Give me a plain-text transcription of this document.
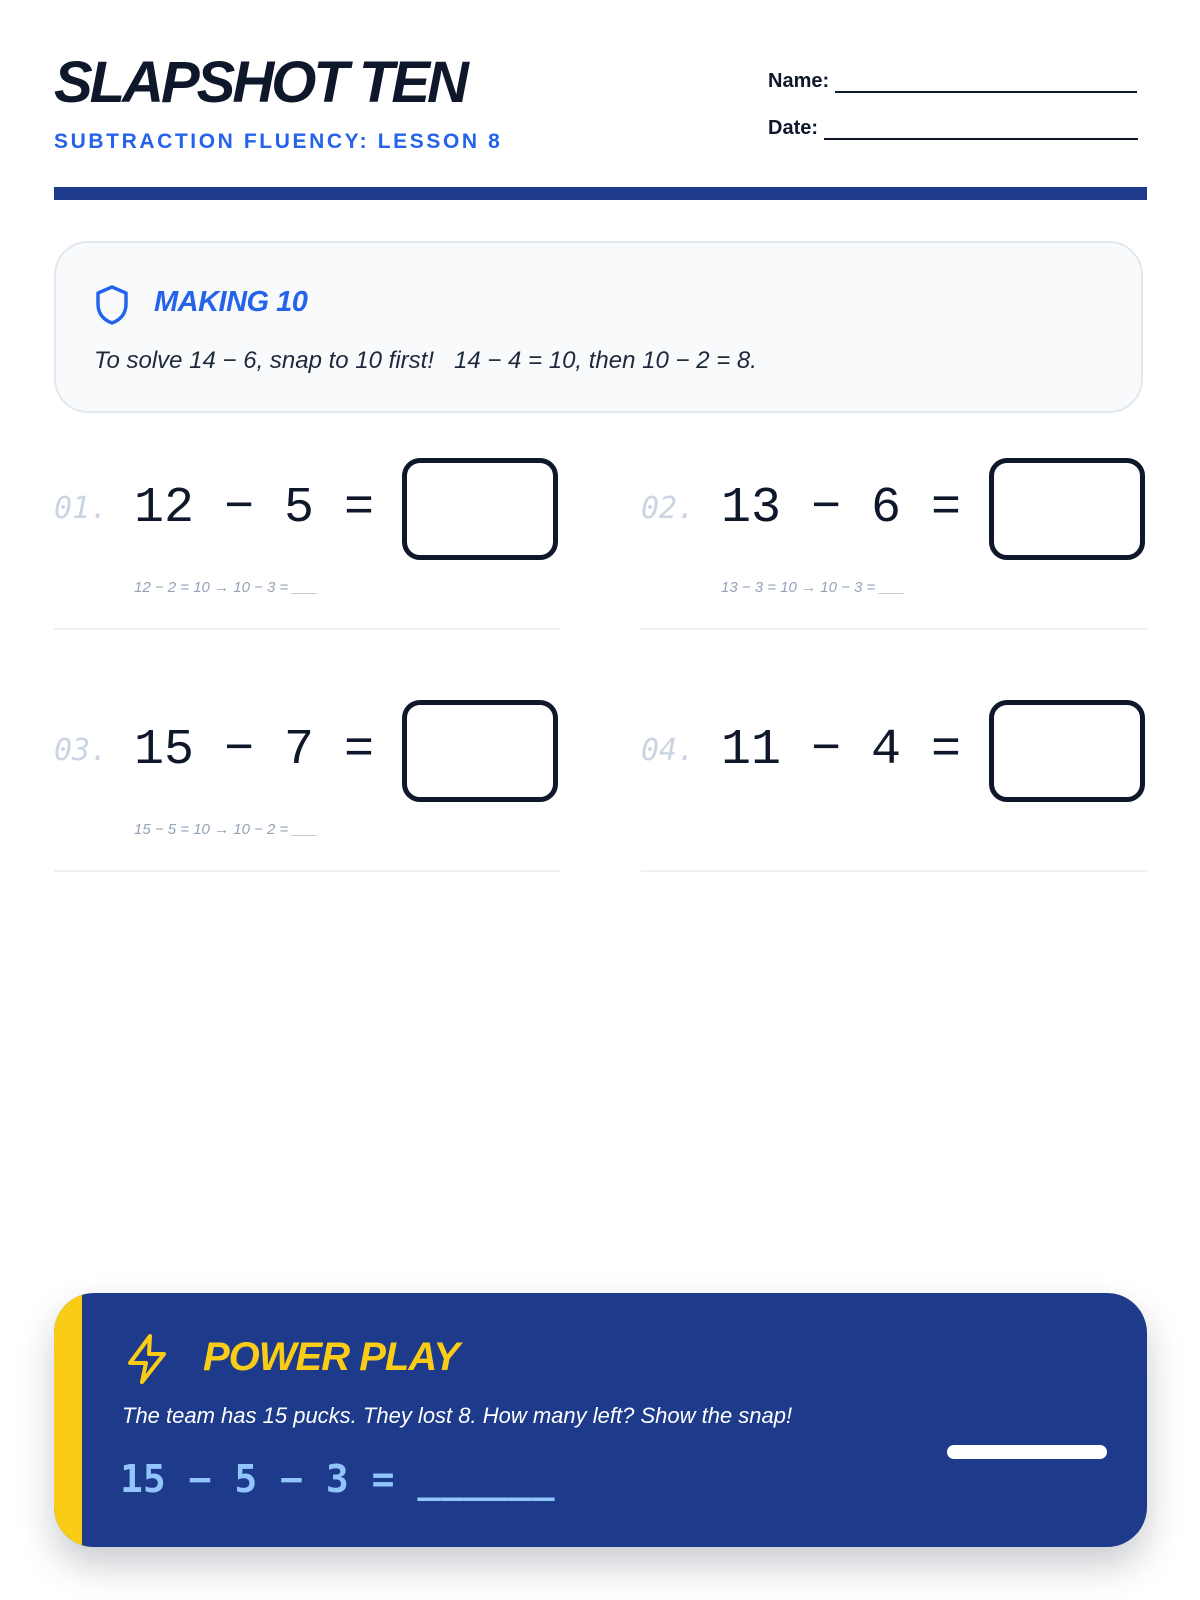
SLAPSHOT TEN
SUBTRACTION FLUENCY: LESSON 8
Name:
Date:
MAKING 10
To solve 14 − 6, snap to 10 first!   14 − 4 = 10, then 10 − 2 = 8.
01. 12 − 5 =
12 − 2 = 10 → 10 − 3 = ___
02. 13 − 6 =
13 − 3 = 10 → 10 − 3 = ___
03. 15 − 7 =
15 − 5 = 10 → 10 − 2 = ___
04. 11 − 4 =
POWER PLAY
The team has 15 pucks. They lost 8. How many left? Show the snap!
15 − 5 − 3 = ______
